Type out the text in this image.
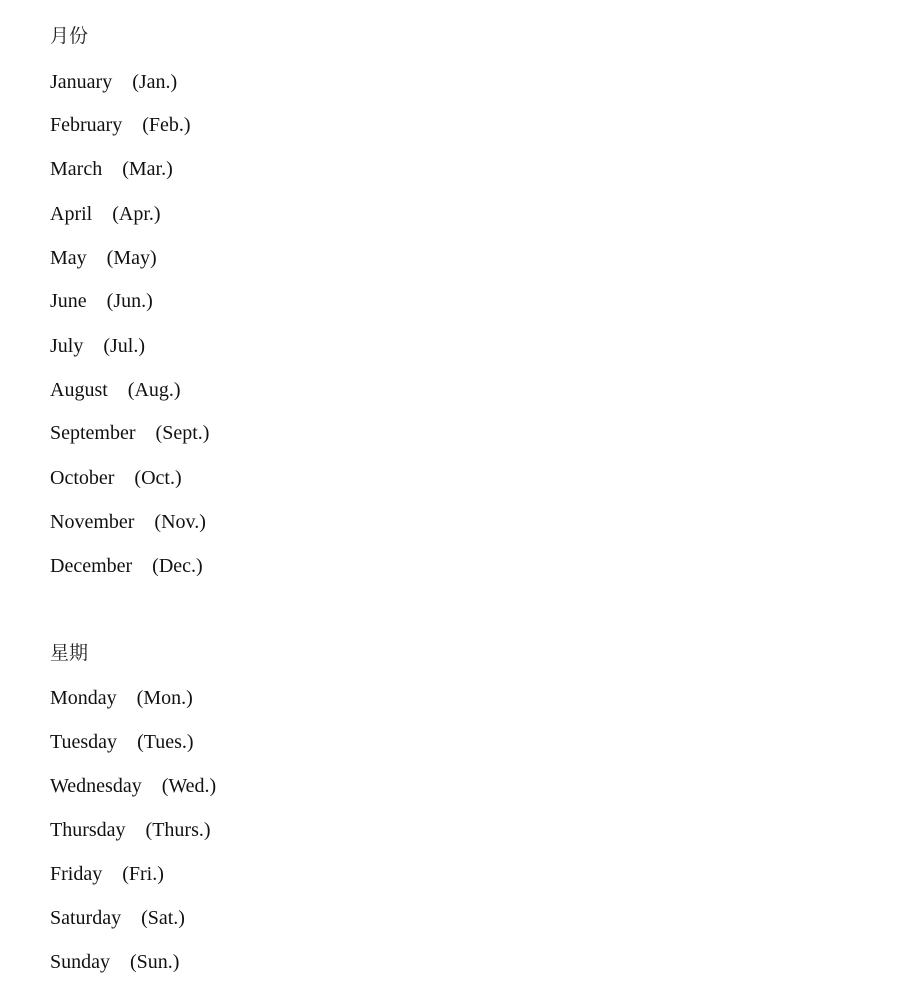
月份
January (Jan.)
February (Feb.)
March (Mar.)
April (Apr.)
May (May)
June (Jun.)
July (Jul.)
August (Aug.)
September (Sept.)
October (Oct.)
November (Nov.)
December (Dec.)
星期
Monday (Mon.)
Tuesday (Tues.)
Wednesday (Wed.)
Thursday (Thurs.)
Friday (Fri.)
Saturday (Sat.)
Sunday (Sun.)
